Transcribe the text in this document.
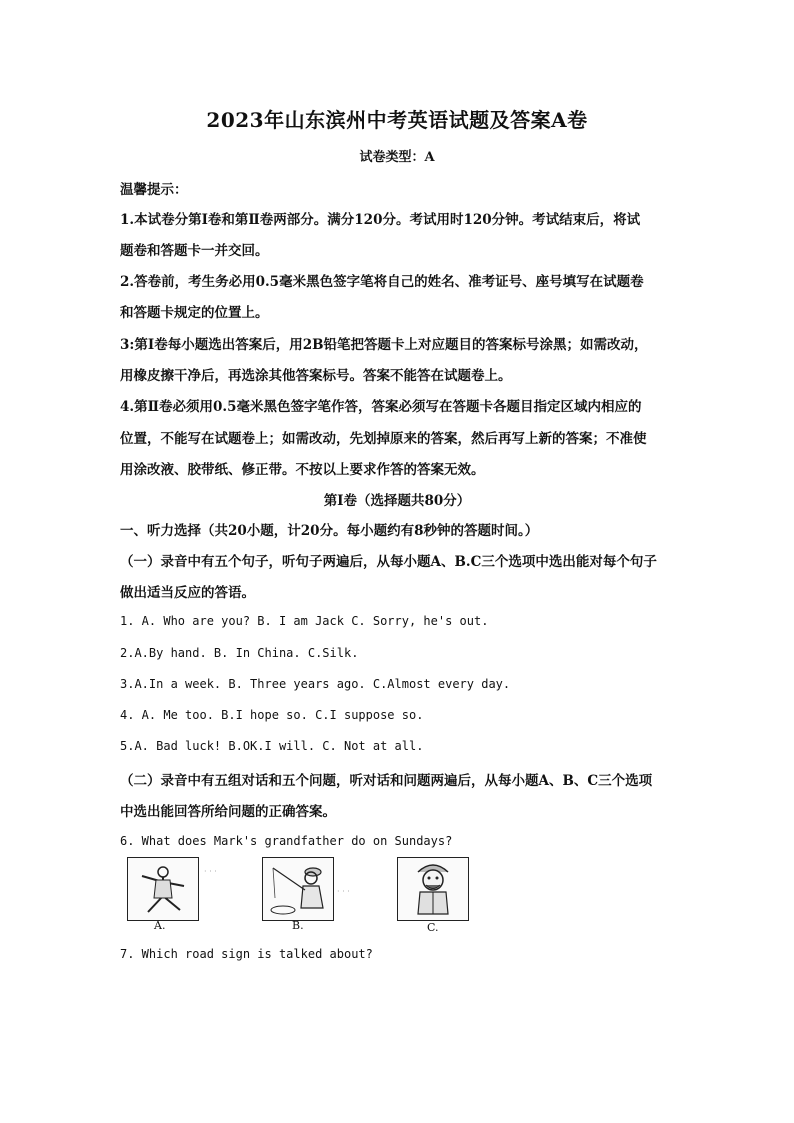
2023年山东滨州中考英语试题及答案A卷
试卷类型：A
温馨提示：
1.本试卷分第Ⅰ卷和第Ⅱ卷两部分。满分120分。考试用时120分钟。考试结束后，将试
题卷和答题卡一并交回。
2.答卷前，考生务必用0.5毫米黑色签字笔将自己的姓名、准考证号、座号填写在试题卷
和答题卡规定的位置上。
3:第Ⅰ卷每小题选出答案后，用2B铅笔把答题卡上对应题目的答案标号涂黑；如需改动，
用橡皮擦干净后，再选涂其他答案标号。答案不能答在试题卷上。
4.第Ⅱ卷必须用0.5毫米黑色签字笔作答，答案必须写在答题卡各题目指定区域内相应的
位置，不能写在试题卷上；如需改动，先划掉原来的答案，然后再写上新的答案；不准使
用涂改液、胶带纸、修正带。不按以上要求作答的答案无效。
第Ⅰ卷（选择题共80分）
一、听力选择（共20小题，计20分。每小题约有8秒钟的答题时间。）
（一）录音中有五个句子，听句子两遍后，从每小题A、B.C三个选项中选出能对每个句子
做出适当反应的答语。
1. A. Who are you? B. I am Jack C. Sorry, he's out.
2.A.By hand. B. In China. C.Silk.
3.A.In a week. B. Three years ago. C.Almost every day.
4. A. Me too. B.I hope so. C.I suppose so.
5.A. Bad luck! B.OK.I will. C. Not at all.
（二）录音中有五组对话和五个问题，听对话和问题两遍后，从每小题A、B、C三个选项
中选出能回答所给问题的正确答案。
6. What does Mark's grandfather do on Sundays?
A.	B.	C.
· · ·
· · ·
7. Which road sign is talked about?
